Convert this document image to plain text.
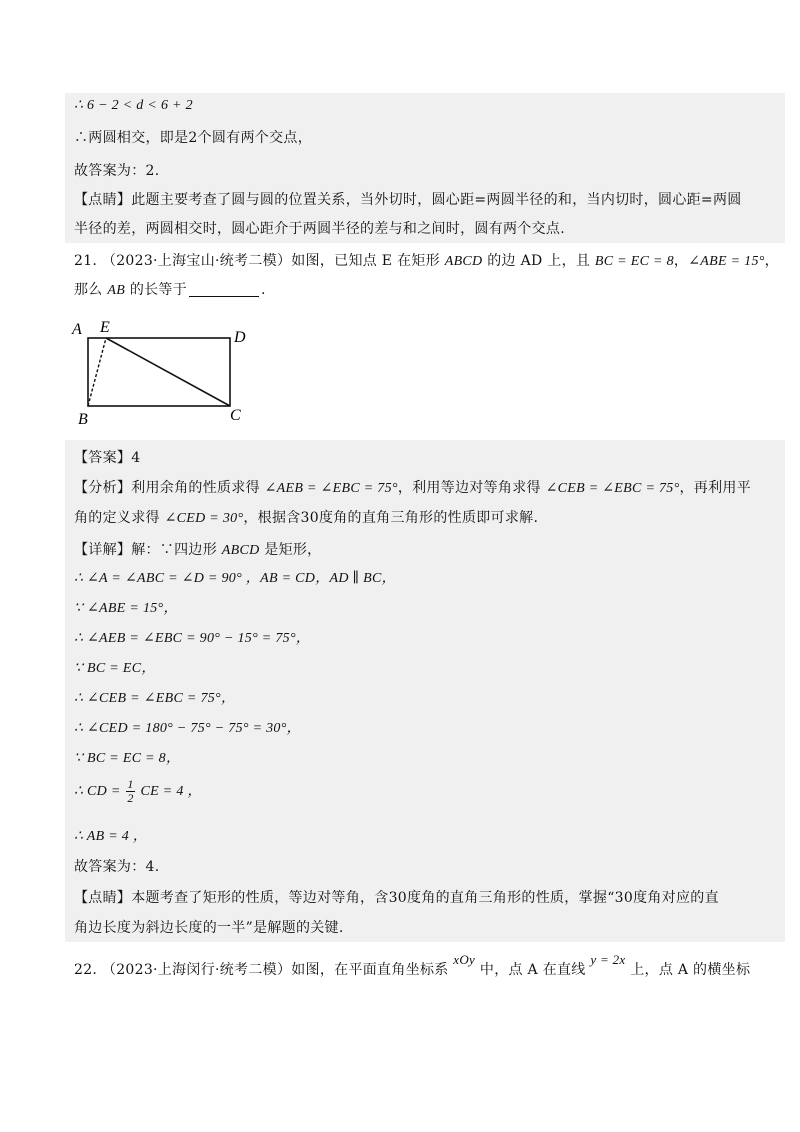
∴ 6 − 2 < d < 6 + 2
∴两圆相交，即是2个圆有两个交点，
故答案为：2.
【点睛】此题主要考查了圆与圆的位置关系，当外切时，圆心距=两圆半径的和，当内切时，圆心距=两圆
半径的差，两圆相交时，圆心距介于两圆半径的差与和之间时，圆有两个交点.
21. （2023·上海宝山·统考二模）如图，已知点 E 在矩形 ABCD 的边 AD 上，且 BC = EC = 8，∠ABE = 15°，
那么 AB 的长等于	.
A E
D
B	C
【答案】4
【分析】利用余角的性质求得 ∠AEB = ∠EBC = 75°，利用等边对等角求得 ∠CEB = ∠EBC = 75°，再利用平
角的定义求得 ∠CED = 30°，根据含30度角的直角三角形的性质即可求解.
【详解】解：∵四边形 ABCD 是矩形，
∴ ∠A = ∠ABC = ∠D = 90° ，AB = CD，AD ∥ BC，
∵ ∠ABE = 15°，
∴ ∠AEB = ∠EBC = 90° − 15° = 75°，
∵ BC = EC，
∴ ∠CEB = ∠EBC = 75°，
∴ ∠CED = 180° − 75° − 75° = 30°，
∵ BC = EC = 8，
∴ CD = $\frac{1}{2}$ CE = 4 ，
∴ AB = 4 ，
故答案为：4.
【点睛】本题考查了矩形的性质，等边对等角，含30度角的直角三角形的性质，掌握“30度角对应的直
角边长度为斜边长度的一半”是解题的关键.
22. （2023·上海闵行·统考二模）如图，在平面直角坐标系 xOy 中，点 A 在直线 y = 2x 上，点 A 的横坐标
